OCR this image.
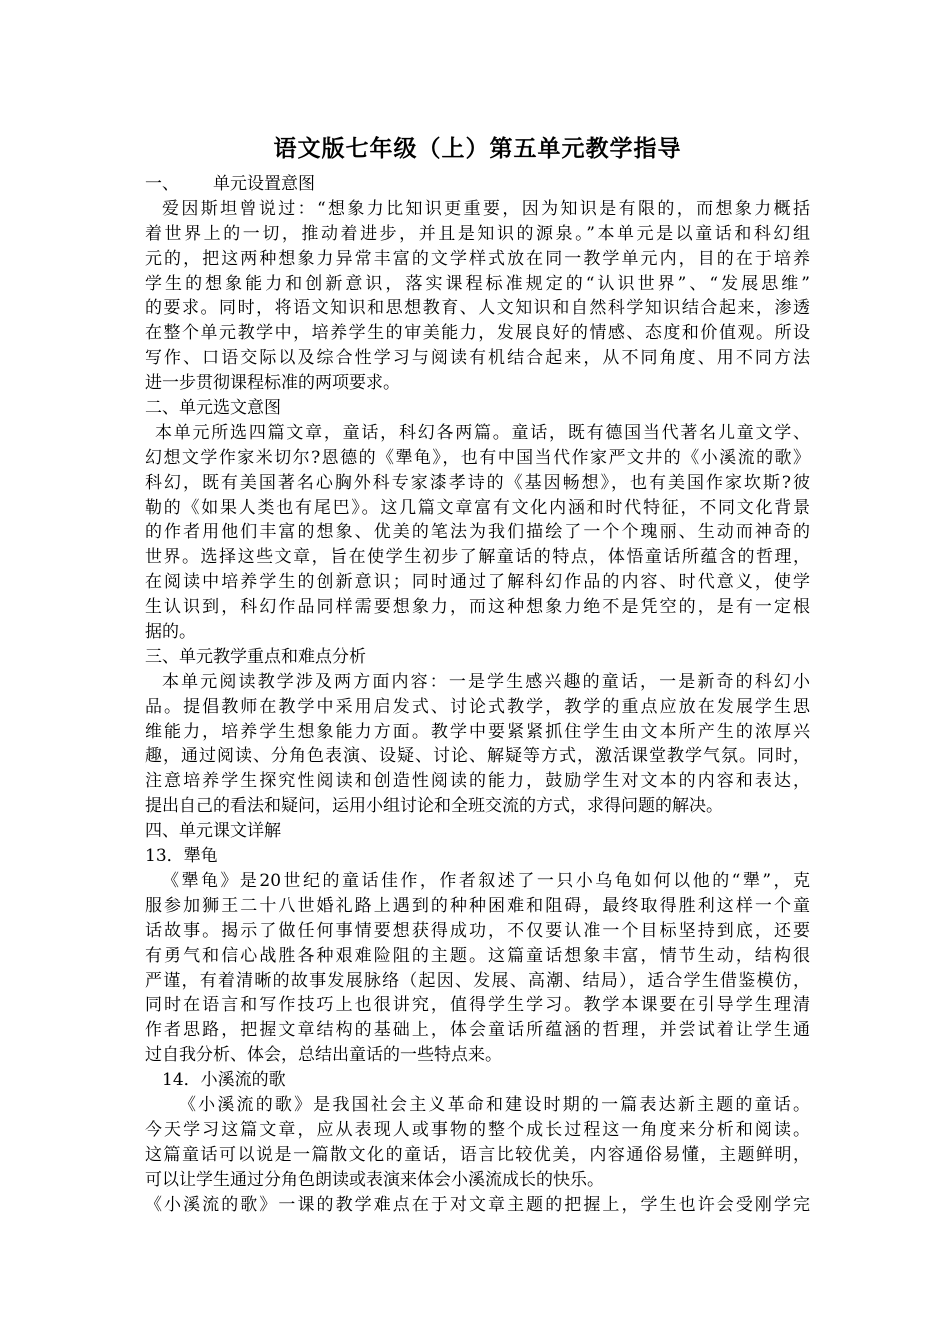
语文版七年级（上）第五单元教学指导
一、 单元设置意图
爱因斯坦曾说过：“想象力比知识更重要，因为知识是有限的，而想象力概括
着世界上的一切，推动着进步，并且是知识的源泉。”本单元是以童话和科幻组
元的，把这两种想象力异常丰富的文学样式放在同一教学单元内，目的在于培养
学生的想象能力和创新意识，落实课程标准规定的“认识世界”、“发展思维”
的要求。同时，将语文知识和思想教育、人文知识和自然科学知识结合起来，渗透
在整个单元教学中，培养学生的审美能力，发展良好的情感、态度和价值观。所设
写作、口语交际以及综合性学习与阅读有机结合起来，从不同角度、用不同方法
进一步贯彻课程标准的两项要求。
二、单元选文意图
本单元所选四篇文章，童话，科幻各两篇。童话，既有德国当代著名儿童文学、
幻想文学作家米切尔?恩德的《犟龟》，也有中国当代作家严文井的《小溪流的歌》
科幻，既有美国著名心胸外科专家漆孝诗的《基因畅想》，也有美国作家坎斯?彼
勒的《如果人类也有尾巴》。这几篇文章富有文化内涵和时代特征，不同文化背景
的作者用他们丰富的想象、优美的笔法为我们描绘了一个个瑰丽、生动而神奇的
世界。选择这些文章，旨在使学生初步了解童话的特点，体悟童话所蕴含的哲理，
在阅读中培养学生的创新意识；同时通过了解科幻作品的内容、时代意义，使学
生认识到，科幻作品同样需要想象力，而这种想象力绝不是凭空的，是有一定根
据的。
三、单元教学重点和难点分析
本单元阅读教学涉及两方面内容：一是学生感兴趣的童话，一是新奇的科幻小
品。提倡教师在教学中采用启发式、讨论式教学，教学的重点应放在发展学生思
维能力，培养学生想象能力方面。教学中要紧紧抓住学生由文本所产生的浓厚兴
趣，通过阅读、分角色表演、设疑、讨论、解疑等方式，激活课堂教学气氛。同时，
注意培养学生探究性阅读和创造性阅读的能力，鼓励学生对文本的内容和表达，
提出自己的看法和疑问，运用小组讨论和全班交流的方式，求得问题的解决。
四、单元课文详解
13．犟龟
《犟龟》是20世纪的童话佳作，作者叙述了一只小乌龟如何以他的“犟”，克
服参加狮王二十八世婚礼路上遇到的种种困难和阻碍，最终取得胜利这样一个童
话故事。揭示了做任何事情要想获得成功，不仅要认准一个目标坚持到底，还要
有勇气和信心战胜各种艰难险阻的主题。这篇童话想象丰富，情节生动，结构很
严谨，有着清晰的故事发展脉络（起因、发展、高潮、结局），适合学生借鉴模仿，
同时在语言和写作技巧上也很讲究，值得学生学习。教学本课要在引导学生理清
作者思路，把握文章结构的基础上，体会童话所蕴涵的哲理，并尝试着让学生通
过自我分析、体会，总结出童话的一些特点来。
14．小溪流的歌
《小溪流的歌》是我国社会主义革命和建设时期的一篇表达新主题的童话。
今天学习这篇文章，应从表现人或事物的整个成长过程这一角度来分析和阅读。
这篇童话可以说是一篇散文化的童话，语言比较优美，内容通俗易懂，主题鲜明，
可以让学生通过分角色朗读或表演来体会小溪流成长的快乐。
《小溪流的歌》一课的教学难点在于对文章主题的把握上，学生也许会受刚学完
